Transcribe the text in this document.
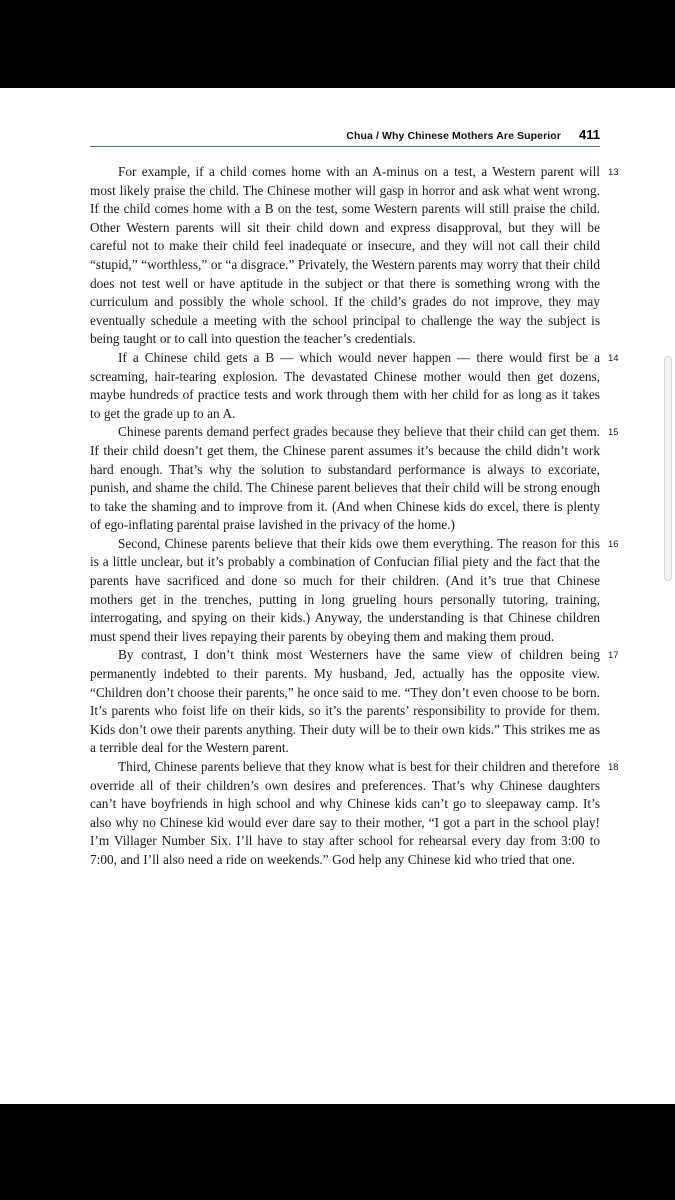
Chua / Why Chinese Mothers Are Superior 411

13
For example, if a child comes home with an A-minus on a test, a Western parent will most likely praise the child. The Chinese mother will gasp in horror and ask what went wrong. If the child comes home with a B on the test, some Western parents will still praise the child. Other Western parents will sit their child down and express disapproval, but they will be careful not to make their child feel inadequate or insecure, and they will not call their child “stupid,” “worthless,” or “a disgrace.” Privately, the Western parents may worry that their child does not test well or have aptitude in the subject or that there is something wrong with the curriculum and possibly the whole school. If the child’s grades do not improve, they may eventually schedule a meeting with the school principal to challenge the way the subject is being taught or to call into question the teacher’s credentials.

14
If a Chinese child gets a B — which would never happen — there would first be a screaming, hair-tearing explosion. The devastated Chinese mother would then get dozens, maybe hundreds of practice tests and work through them with her child for as long as it takes to get the grade up to an A.

15
Chinese parents demand perfect grades because they believe that their child can get them. If their child doesn’t get them, the Chinese parent assumes it’s because the child didn’t work hard enough. That’s why the solution to substandard performance is always to excoriate, punish, and shame the child. The Chinese parent believes that their child will be strong enough to take the shaming and to improve from it. (And when Chinese kids do excel, there is plenty of ego-inflating parental praise lavished in the privacy of the home.)

16
Second, Chinese parents believe that their kids owe them everything. The reason for this is a little unclear, but it’s probably a combination of Confucian filial piety and the fact that the parents have sacrificed and done so much for their children. (And it’s true that Chinese mothers get in the trenches, putting in long grueling hours personally tutoring, training, interrogating, and spying on their kids.) Anyway, the understanding is that Chinese children must spend their lives repaying their parents by obeying them and making them proud.

17
By contrast, I don’t think most Westerners have the same view of children being permanently indebted to their parents. My husband, Jed, actually has the opposite view. “Children don’t choose their parents,” he once said to me. “They don’t even choose to be born. It’s parents who foist life on their kids, so it’s the parents’ responsibility to provide for them. Kids don’t owe their parents anything. Their duty will be to their own kids.” This strikes me as a terrible deal for the Western parent.

18
Third, Chinese parents believe that they know what is best for their children and therefore override all of their children’s own desires and preferences. That’s why Chinese daughters can’t have boyfriends in high school and why Chinese kids can’t go to sleepaway camp. It’s also why no Chinese kid would ever dare say to their mother, “I got a part in the school play! I’m Villager Number Six. I’ll have to stay after school for rehearsal every day from 3:00 to 7:00, and I’ll also need a ride on weekends.” God help any Chinese kid who tried that one.
